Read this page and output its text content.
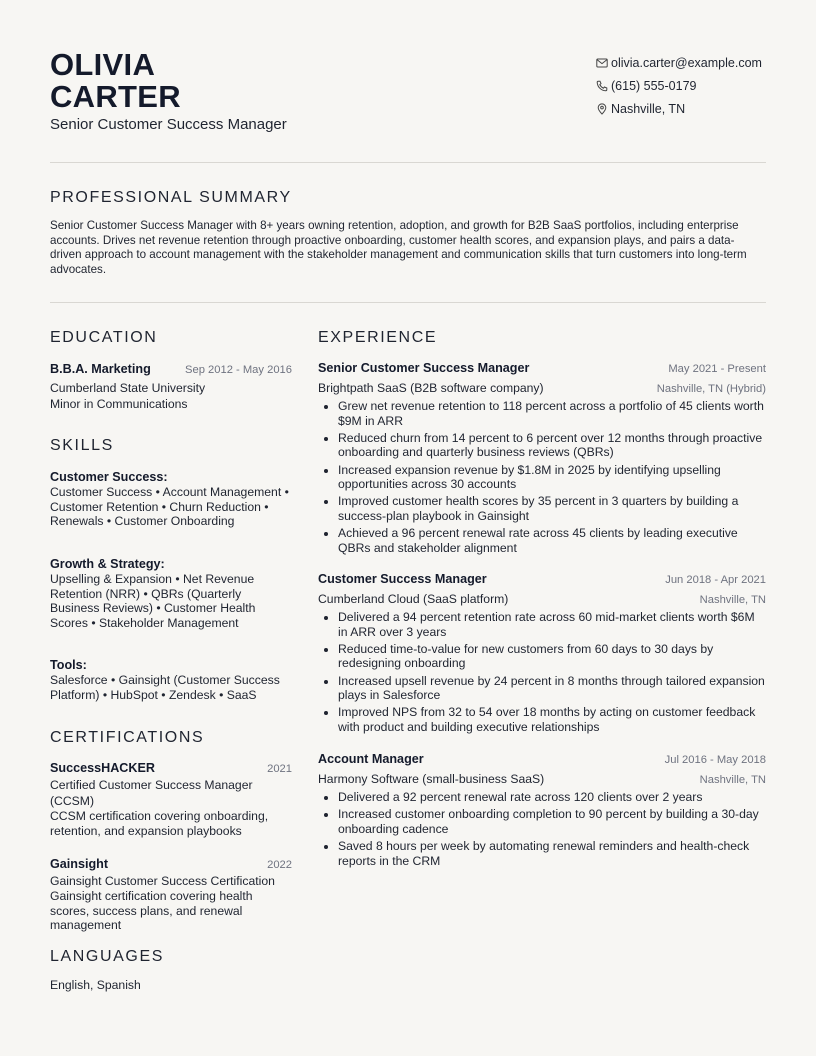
OLIVIA
CARTER
Senior Customer Success Manager
olivia.carter@example.com
(615) 555-0179
Nashville, TN
PROFESSIONAL SUMMARY
Senior Customer Success Manager with 8+ years owning retention, adoption, and growth for B2B SaaS portfolios, including enterprise accounts. Drives net revenue retention through proactive onboarding, customer health scores, and expansion plays, and pairs a data-driven approach to account management with the stakeholder management and communication skills that turn customers into long-term advocates.
EDUCATION
B.B.A. Marketing	Sep 2012 - May 2016
Cumberland State University
Minor in Communications
SKILLS
Customer Success:
Customer Success • Account Management • Customer Retention • Churn Reduction • Renewals • Customer Onboarding
Growth & Strategy:
Upselling & Expansion • Net Revenue Retention (NRR) • QBRs (Quarterly Business Reviews) • Customer Health Scores • Stakeholder Management
Tools:
Salesforce • Gainsight (Customer Success Platform) • HubSpot • Zendesk • SaaS
CERTIFICATIONS
SuccessHACKER	2021
Certified Customer Success Manager (CCSM)
CCSM certification covering onboarding, retention, and expansion playbooks
Gainsight	2022
Gainsight Customer Success Certification
Gainsight certification covering health scores, success plans, and renewal management
LANGUAGES
English, Spanish
EXPERIENCE
Senior Customer Success Manager	May 2021 - Present
Brightpath SaaS (B2B software company)	Nashville, TN (Hybrid)
Grew net revenue retention to 118 percent across a portfolio of 45 clients worth $9M in ARR
Reduced churn from 14 percent to 6 percent over 12 months through proactive onboarding and quarterly business reviews (QBRs)
Increased expansion revenue by $1.8M in 2025 by identifying upselling opportunities across 30 accounts
Improved customer health scores by 35 percent in 3 quarters by building a success-plan playbook in Gainsight
Achieved a 96 percent renewal rate across 45 clients by leading executive QBRs and stakeholder alignment
Customer Success Manager	Jun 2018 - Apr 2021
Cumberland Cloud (SaaS platform)	Nashville, TN
Delivered a 94 percent retention rate across 60 mid-market clients worth $6M in ARR over 3 years
Reduced time-to-value for new customers from 60 days to 30 days by redesigning onboarding
Increased upsell revenue by 24 percent in 8 months through tailored expansion plays in Salesforce
Improved NPS from 32 to 54 over 18 months by acting on customer feedback with product and building executive relationships
Account Manager	Jul 2016 - May 2018
Harmony Software (small-business SaaS)	Nashville, TN
Delivered a 92 percent renewal rate across 120 clients over 2 years
Increased customer onboarding completion to 90 percent by building a 30-day onboarding cadence
Saved 8 hours per week by automating renewal reminders and health-check reports in the CRM
